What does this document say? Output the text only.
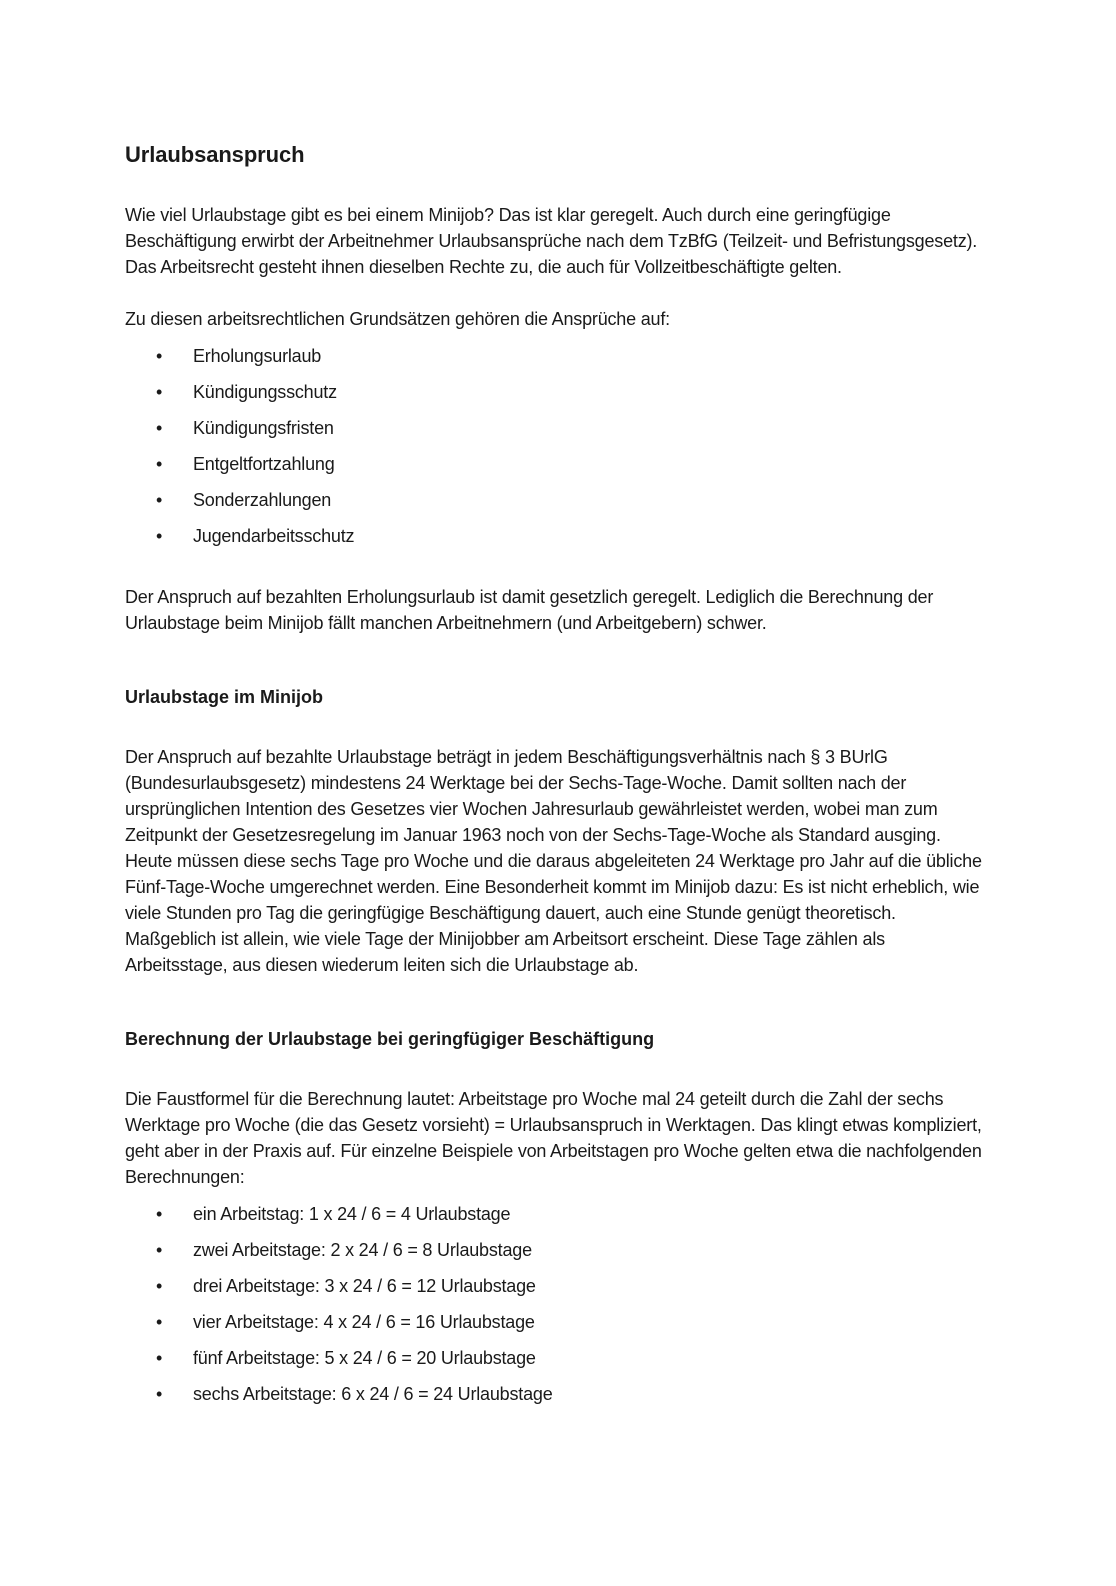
Urlaubsanspruch

Wie viel Urlaubstage gibt es bei einem Minijob? Das ist klar geregelt. Auch durch eine geringfügige Beschäftigung erwirbt der Arbeitnehmer Urlaubsansprüche nach dem TzBfG (Teilzeit- und Befristungsgesetz). Das Arbeitsrecht gesteht ihnen dieselben Rechte zu, die auch für Vollzeitbeschäftigte gelten.

Zu diesen arbeitsrechtlichen Grundsätzen gehören die Ansprüche auf:

• Erholungsurlaub
• Kündigungsschutz
• Kündigungsfristen
• Entgeltfortzahlung
• Sonderzahlungen
• Jugendarbeitsschutz

Der Anspruch auf bezahlten Erholungsurlaub ist damit gesetzlich geregelt. Lediglich die Berechnung der Urlaubstage beim Minijob fällt manchen Arbeitnehmern (und Arbeitgebern) schwer.

Urlaubstage im Minijob

Der Anspruch auf bezahlte Urlaubstage beträgt in jedem Beschäftigungsverhältnis nach § 3 BUrlG (Bundesurlaubsgesetz) mindestens 24 Werktage bei der Sechs-Tage-Woche. Damit sollten nach der ursprünglichen Intention des Gesetzes vier Wochen Jahresurlaub gewährleistet werden, wobei man zum Zeitpunkt der Gesetzesregelung im Januar 1963 noch von der Sechs-Tage-Woche als Standard ausging. Heute müssen diese sechs Tage pro Woche und die daraus abgeleiteten 24 Werktage pro Jahr auf die übliche Fünf-Tage-Woche umgerechnet werden. Eine Besonderheit kommt im Minijob dazu: Es ist nicht erheblich, wie viele Stunden pro Tag die geringfügige Beschäftigung dauert, auch eine Stunde genügt theoretisch. Maßgeblich ist allein, wie viele Tage der Minijobber am Arbeitsort erscheint. Diese Tage zählen als Arbeitsstage, aus diesen wiederum leiten sich die Urlaubstage ab.

Berechnung der Urlaubstage bei geringfügiger Beschäftigung

Die Faustformel für die Berechnung lautet: Arbeitstage pro Woche mal 24 geteilt durch die Zahl der sechs Werktage pro Woche (die das Gesetz vorsieht) = Urlaubsanspruch in Werktagen. Das klingt etwas kompliziert, geht aber in der Praxis auf. Für einzelne Beispiele von Arbeitstagen pro Woche gelten etwa die nachfolgenden Berechnungen:

• ein Arbeitstag: 1 x 24 / 6 = 4 Urlaubstage
• zwei Arbeitstage: 2 x 24 / 6 = 8 Urlaubstage
• drei Arbeitstage: 3 x 24 / 6 = 12 Urlaubstage
• vier Arbeitstage: 4 x 24 / 6 = 16 Urlaubstage
• fünf Arbeitstage: 5 x 24 / 6 = 20 Urlaubstage
• sechs Arbeitstage: 6 x 24 / 6 = 24 Urlaubstage
